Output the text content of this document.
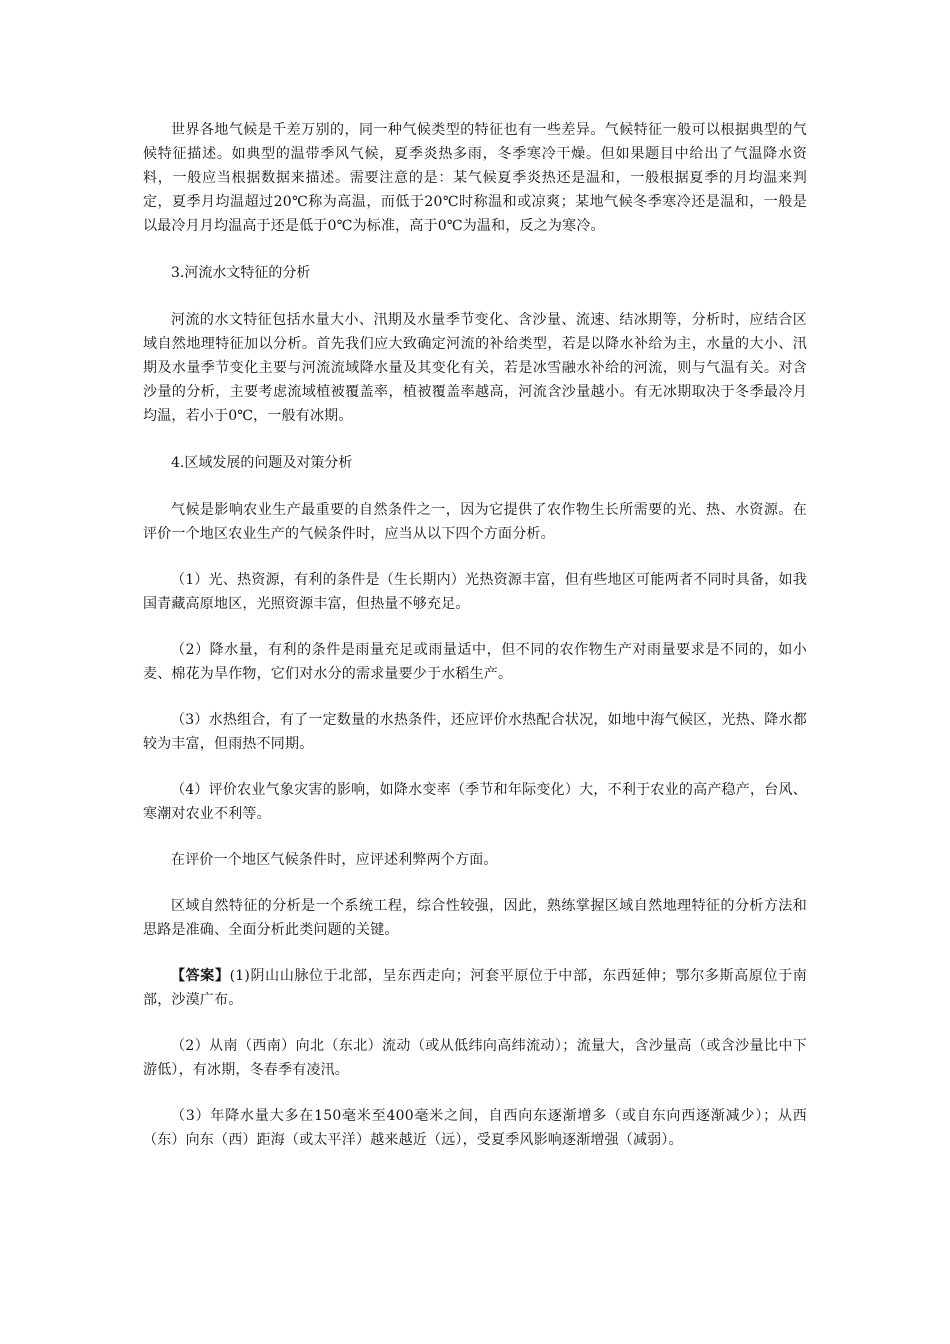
世界各地气候是千差万别的，同一种气候类型的特征也有一些差异。气候特征一般可以根据典型的气候特征描述。如典型的温带季风气候，夏季炎热多雨，冬季寒冷干燥。但如果题目中给出了气温降水资料，一般应当根据数据来描述。需要注意的是：某气候夏季炎热还是温和，一般根据夏季的月均温来判定，夏季月均温超过20℃称为高温，而低于20℃时称温和或凉爽；某地气候冬季寒冷还是温和，一般是以最冷月月均温高于还是低于0℃为标准，高于0℃为温和，反之为寒冷。

3.河流水文特征的分析

河流的水文特征包括水量大小、汛期及水量季节变化、含沙量、流速、结冰期等，分析时，应结合区域自然地理特征加以分析。首先我们应大致确定河流的补给类型，若是以降水补给为主，水量的大小、汛期及水量季节变化主要与河流流域降水量及其变化有关，若是冰雪融水补给的河流，则与气温有关。对含沙量的分析，主要考虑流域植被覆盖率，植被覆盖率越高，河流含沙量越小。有无冰期取决于冬季最冷月均温，若小于0℃，一般有冰期。

4.区域发展的问题及对策分析

气候是影响农业生产最重要的自然条件之一，因为它提供了农作物生长所需要的光、热、水资源。在评价一个地区农业生产的气候条件时，应当从以下四个方面分析。

（1）光、热资源，有利的条件是（生长期内）光热资源丰富，但有些地区可能两者不同时具备，如我国青藏高原地区，光照资源丰富，但热量不够充足。

（2）降水量，有利的条件是雨量充足或雨量适中，但不同的农作物生产对雨量要求是不同的，如小麦、棉花为旱作物，它们对水分的需求量要少于水稻生产。

（3）水热组合，有了一定数量的水热条件，还应评价水热配合状况，如地中海气候区，光热、降水都较为丰富，但雨热不同期。

（4）评价农业气象灾害的影响，如降水变率（季节和年际变化）大，不利于农业的高产稳产，台风、寒潮对农业不利等。

在评价一个地区气候条件时，应评述利弊两个方面。

区域自然特征的分析是一个系统工程，综合性较强，因此，熟练掌握区域自然地理特征的分析方法和思路是准确、全面分析此类问题的关键。

【答案】(1)阴山山脉位于北部，呈东西走向；河套平原位于中部，东西延伸；鄂尔多斯高原位于南部，沙漠广布。

（2）从南（西南）向北（东北）流动（或从低纬向高纬流动）；流量大，含沙量高（或含沙量比中下游低），有冰期，冬春季有凌汛。

（3）年降水量大多在150毫米至400毫米之间，自西向东逐渐增多（或自东向西逐渐减少）；从西（东）向东（西）距海（或太平洋）越来越近（远），受夏季风影响逐渐增强（减弱）。
